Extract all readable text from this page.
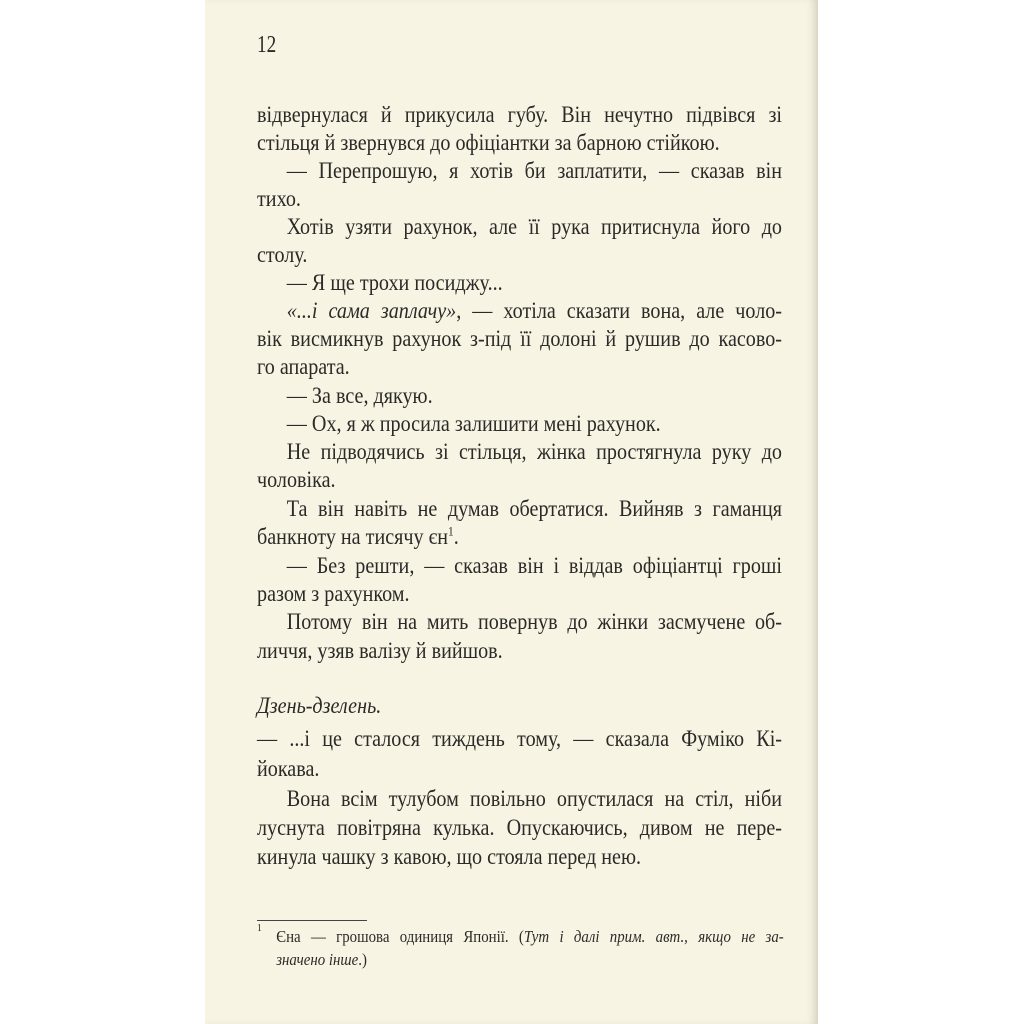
12
відвернулася й прикусила губу. Він нечутно підвівся зі
стільця й звернувся до офіціантки за барною стійкою.
— Перепрошую, я хотів би заплатити, — сказав він
тихо.
Хотів узяти рахунок, але її рука притиснула його до
столу.
— Я ще трохи посиджу...
«...і сама заплачу», — хотіла сказати вона, але чоло-
вік висмикнув рахунок з-під її долоні й рушив до касово-
го апарата.
— За все, дякую.
— Ох, я ж просила залишити мені рахунок.
Не підводячись зі стільця, жінка простягнула руку до
чоловіка.
Та він навіть не думав обертатися. Вийняв з гаманця
банкноту на тисячу $єн^1$.
— Без решти, — сказав він і віддав офіціантці гроші
разом з рахунком.
Потому він на мить повернув до жінки засмучене об-
личчя, узяв валізу й вийшов.
Дзень-дзелень.
— ...і це сталося тиждень тому, — сказала Фуміко Кі-
йокава.
Вона всім тулубом повільно опустилася на стіл, ніби
луснута повітряна кулька. Опускаючись, дивом не пере-
кинула чашку з кавою, що стояла перед нею.
1 Єна — грошова одиниця Японії. (Тут і далі прим. авт., якщо не за-
значено інше.)
